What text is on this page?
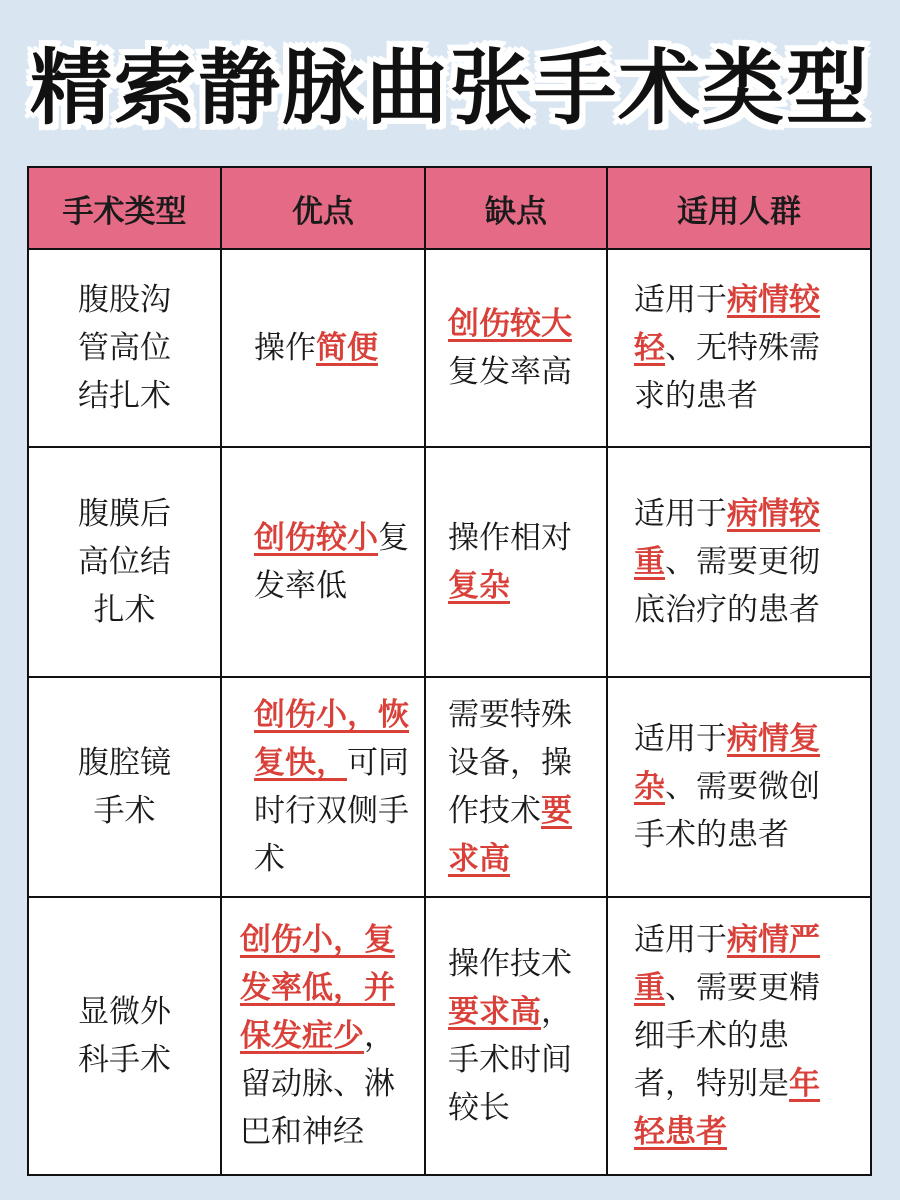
精索静脉曲张手术类型
手术类型	优点	缺点	适用人群
腹股沟管高位结扎术	操作简便	创伤较大复发率高	适用于病情较轻、无特殊需求的患者

腹膜后高位结扎术	创伤较小复发率低	操作相对复杂	适用于病情较重、需要更彻底治疗的患者

腹腔镜手术	创伤小，恢复快，可同时行双侧手术	需要特殊设备，操作技术要求高	适用于病情复杂、需要微创手术的患者

显微外科手术	创伤小，复发率低，并保发症少，留动脉、淋巴和神经	操作技术要求高，手术时间较长	适用于病情严重、需要更精细手术的患者，特别是年轻患者
